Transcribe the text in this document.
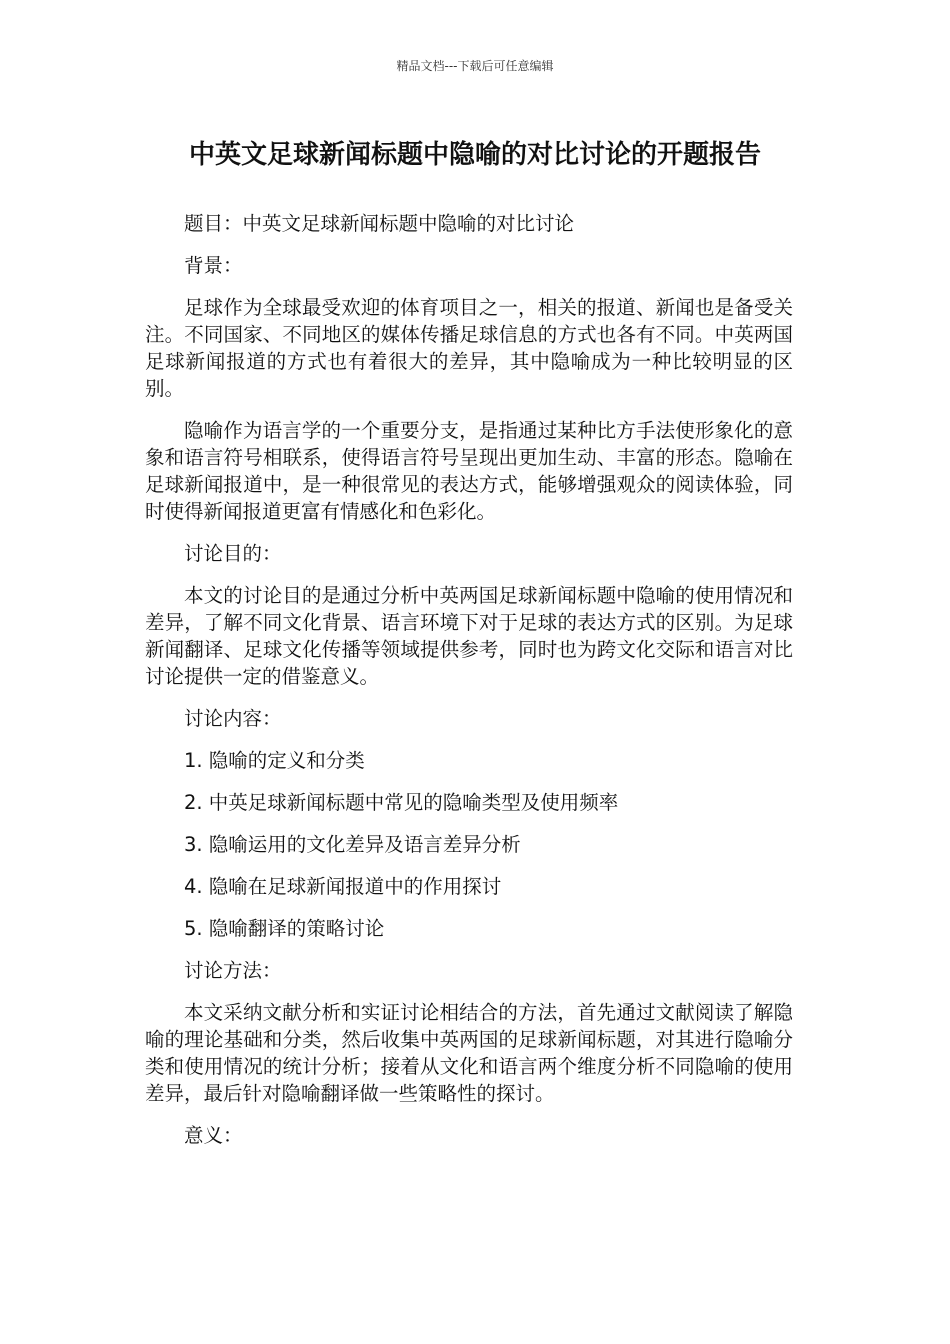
精品文档---下载后可任意编辑
中英文足球新闻标题中隐喻的对比讨论的开题报告

题目：中英文足球新闻标题中隐喻的对比讨论

背景：

足球作为全球最受欢迎的体育项目之一，相关的报道、新闻也是备受关注。不同国家、不同地区的媒体传播足球信息的方式也各有不同。中英两国足球新闻报道的方式也有着很大的差异，其中隐喻成为一种比较明显的区别。

隐喻作为语言学的一个重要分支，是指通过某种比方手法使形象化的意象和语言符号相联系，使得语言符号呈现出更加生动、丰富的形态。隐喻在足球新闻报道中，是一种很常见的表达方式，能够增强观众的阅读体验，同时使得新闻报道更富有情感化和色彩化。

讨论目的：

本文的讨论目的是通过分析中英两国足球新闻标题中隐喻的使用情况和差异，了解不同文化背景、语言环境下对于足球的表达方式的区别。为足球新闻翻译、足球文化传播等领域提供参考，同时也为跨文化交际和语言对比讨论提供一定的借鉴意义。

讨论内容：

1. 隐喻的定义和分类

2. 中英足球新闻标题中常见的隐喻类型及使用频率

3. 隐喻运用的文化差异及语言差异分析

4. 隐喻在足球新闻报道中的作用探讨

5. 隐喻翻译的策略讨论

讨论方法：

本文采纳文献分析和实证讨论相结合的方法，首先通过文献阅读了解隐喻的理论基础和分类，然后收集中英两国的足球新闻标题，对其进行隐喻分类和使用情况的统计分析；接着从文化和语言两个维度分析不同隐喻的使用差异，最后针对隐喻翻译做一些策略性的探讨。

意义：
